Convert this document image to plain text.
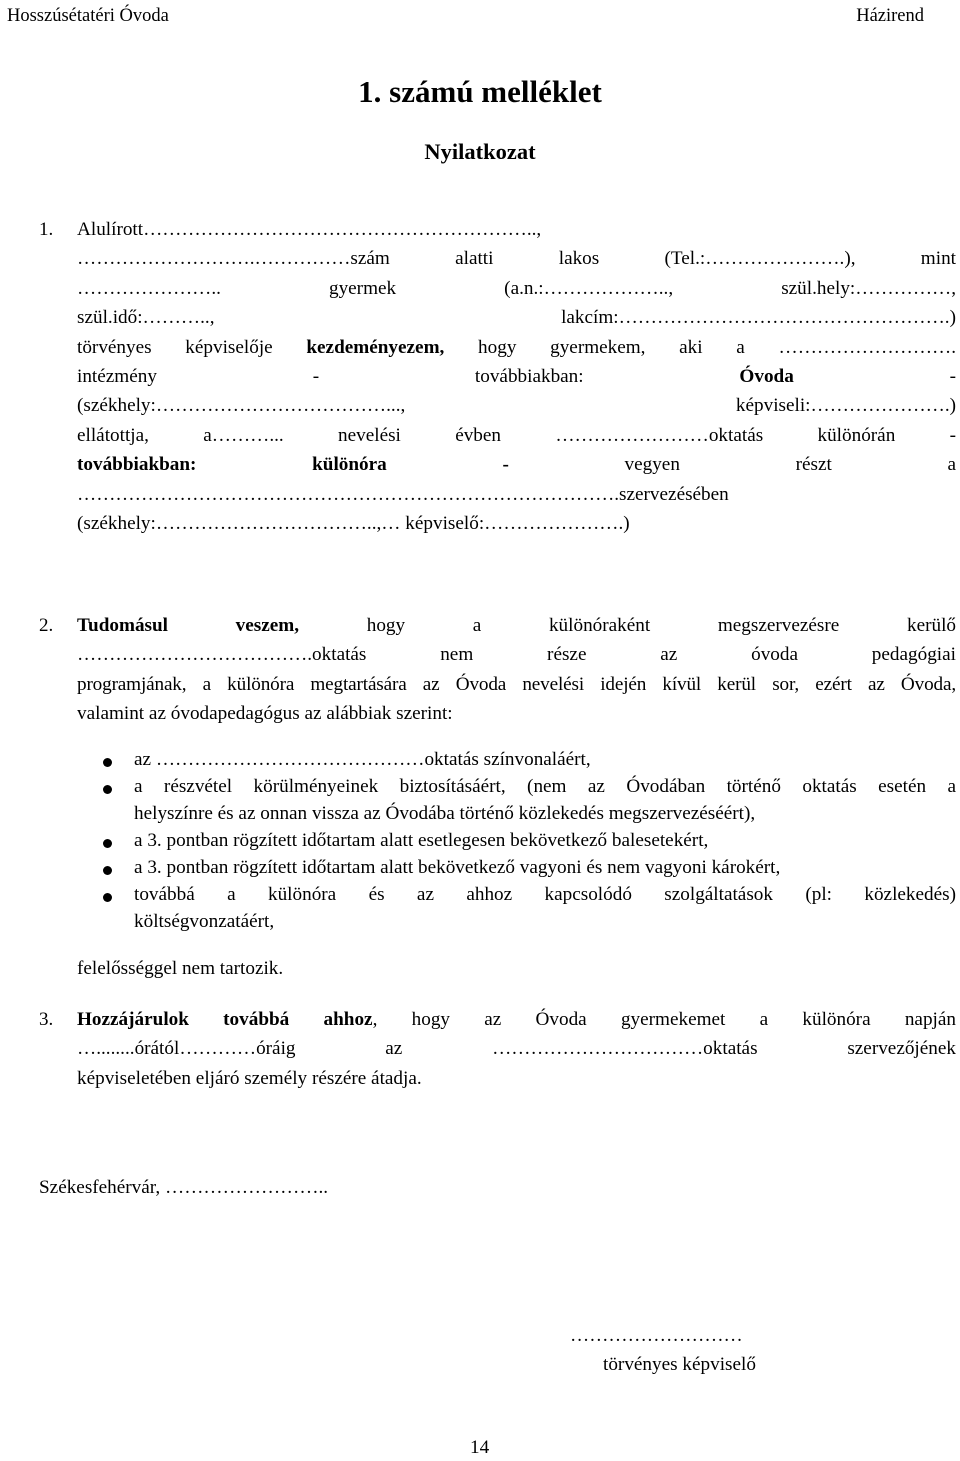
Hosszúsétatéri Óvoda	Házirend
1. számú melléklet
Nyilatkozat
1. Alulírott……………………………………………………..,
……………………….……………szám alatti lakos (Tel.:………………….), mint
………………….. gyermek (a.n.:……………….., szül.hely:……………,
szül.idő:……….., lakcím:…………………………………………….)
törvényes képviselője kezdeményezem, hogy gyermekem, aki a ……………………….
intézmény - továbbiakban: Óvoda -
(székhely:………………………………..., képviseli:………………….)
ellátottja, a………... nevelési évben ……………………oktatás különórán -
továbbiakban:	különóra	- vegyen részt a
………………………………………………………………………….szervezésében
(székhely:……………………………..,… képviselő:………………….)
2. Tudomásul veszem, hogy a különóraként megszervezésre kerülő
……………………………….oktatás nem része az óvoda pedagógiai
programjának, a különóra megtartására az Óvoda nevelési idején kívül kerül sor, ezért az Óvoda,
valamint az óvodapedagógus az alábbiak szerint:
az ……………………………………oktatás színvonaláért,
a részvétel körülményeinek biztosításáért, (nem az Óvodában történő oktatás esetén a
helyszínre és az onnan vissza az Óvodába történő közlekedés megszervezéséért),
a 3. pontban rögzített időtartam alatt esetlegesen bekövetkező balesetekért,
a 3. pontban rögzített időtartam alatt bekövetkező vagyoni és nem vagyoni károkért,
továbbá a különóra és az ahhoz kapcsolódó szolgáltatások (pl: közlekedés)
költségvonzatáért,
felelősséggel nem tartozik.
3. Hozzájárulok továbbá ahhoz, hogy az Óvoda gyermekemet a különóra napján
…........órától…………óráig az ……………………………oktatás szervezőjének
képviseletében eljáró személy részére átadja.
Székesfehérvár, ……………………..
………………………
törvényes képviselő
14
